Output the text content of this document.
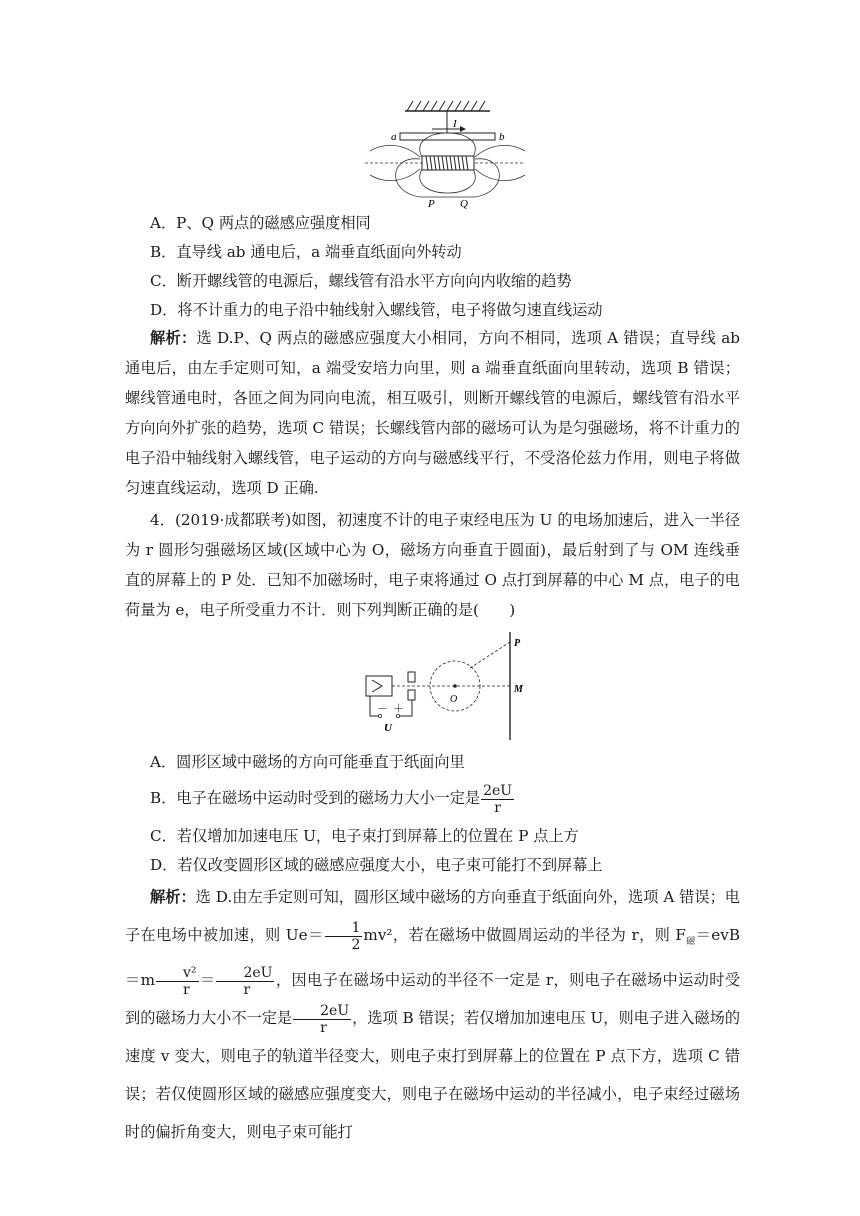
I
a	b
P Q
A．P、Q 两点的磁感应强度相同
B．直导线 ab 通电后，a 端垂直纸面向外转动
C．断开螺线管的电源后，螺线管有沿水平方向向内收缩的趋势
D．将不计重力的电子沿中轴线射入螺线管，电子将做匀速直线运动
解析：选 D.P、Q 两点的磁感应强度大小相同，方向不相同，选项 A 错误；直导线 ab 通电后，由左手定则可知，a 端受安培力向里，则 a 端垂直纸面向里转动，选项 B 错误；螺线管通电时，各匝之间为同向电流，相互吸引，则断开螺线管的电源后，螺线管有沿水平方向向外扩张的趋势，选项 C 错误；长螺线管内部的磁场可认为是匀强磁场，将不计重力的电子沿中轴线射入螺线管，电子运动的方向与磁感线平行，不受洛伦兹力作用，则电子将做匀速直线运动，选项 D 正确.
4．(2019·成都联考)如图，初速度不计的电子束经电压为 U 的电场加速后，进入一半径为 r 圆形匀强磁场区域(区域中心为 O，磁场方向垂直于圆面)，最后射到了与 OM 连线垂直的屏幕上的 P 处．已知不加磁场时，电子束将通过 O 点打到屏幕的中心 M 点，电子的电荷量为 e，电子所受重力不计．则下列判断正确的是(　　)
－ ＋
U
O
P
M
A．圆形区域中磁场的方向可能垂直于纸面向里
B．电子在磁场中运动时受到的磁场力大小一定是 $\frac{2eU}{r}$
C．若仅增加加速电压 U，电子束打到屏幕上的位置在 P 点上方
D．若仅改变圆形区域的磁感应强度大小，电子束可能打不到屏幕上
解析：选 D.由左手定则可知，圆形区域中磁场的方向垂直于纸面向外，选项 A 错误；电子在电场中被加速，则 $Ue= \frac{1}{2} mv^2$，若在磁场中做圆周运动的半径为 r，则 $F_磁=evB=m \frac{\text{v²}}{r} = \frac{2eU}{r}$ ，因电子在磁场中运动的半径不一定是 r，则电子在磁场中运动时受到的磁场力大小不一定是 $\frac{2eU}{r}$ ，选项 B 错误；若仅增加加速电压 U，则电子进入磁场的速度 v 变大，则电子的轨道半径变大，则电子束打到屏幕上的位置在 P 点下方，选项 C 错误；若仅使圆形区域的磁感应强度变大，则电子在磁场中运动的半径减小，电子束经过磁场时的偏折角变大，则电子束可能打
